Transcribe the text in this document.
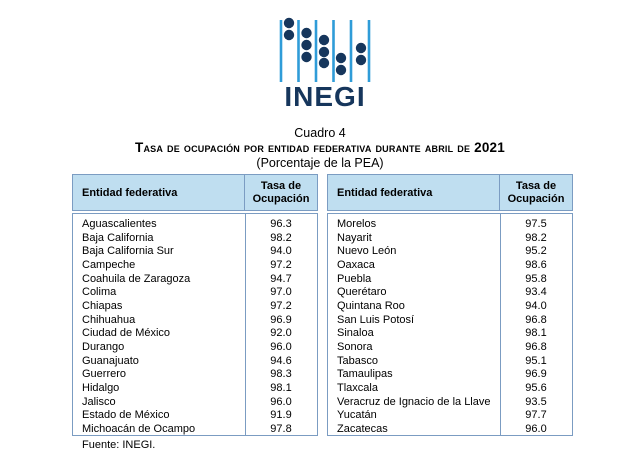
INEGI
Cuadro 4
Tasa de ocupación por entidad federativa durante abril de 2021
(Porcentaje de la PEA)
Entidad federativa
Tasa de
Ocupación
Aguascalientes	96.3
Baja California	98.2
Baja California Sur	94.0
Campeche	97.2
Coahuila de Zaragoza	94.7
Colima	97.0
Chiapas	97.2
Chihuahua	96.9
Ciudad de México	92.0
Durango	96.0
Guanajuato	94.6
Guerrero	98.3
Hidalgo	98.1
Jalisco	96.0
Estado de México	91.9
Michoacán de Ocampo	97.8
Entidad federativa
Tasa de
Ocupación
Morelos	97.5
Nayarit	98.2
Nuevo León	95.2
Oaxaca	98.6
Puebla	95.8
Querétaro	93.4
Quintana Roo	94.0
San Luis Potosí	96.8
Sinaloa	98.1
Sonora	96.8
Tabasco	95.1
Tamaulipas	96.9
Tlaxcala	95.6
Veracruz de Ignacio de la Llave	93.5
Yucatán	97.7
Zacatecas	96.0
Fuente: INEGI.
